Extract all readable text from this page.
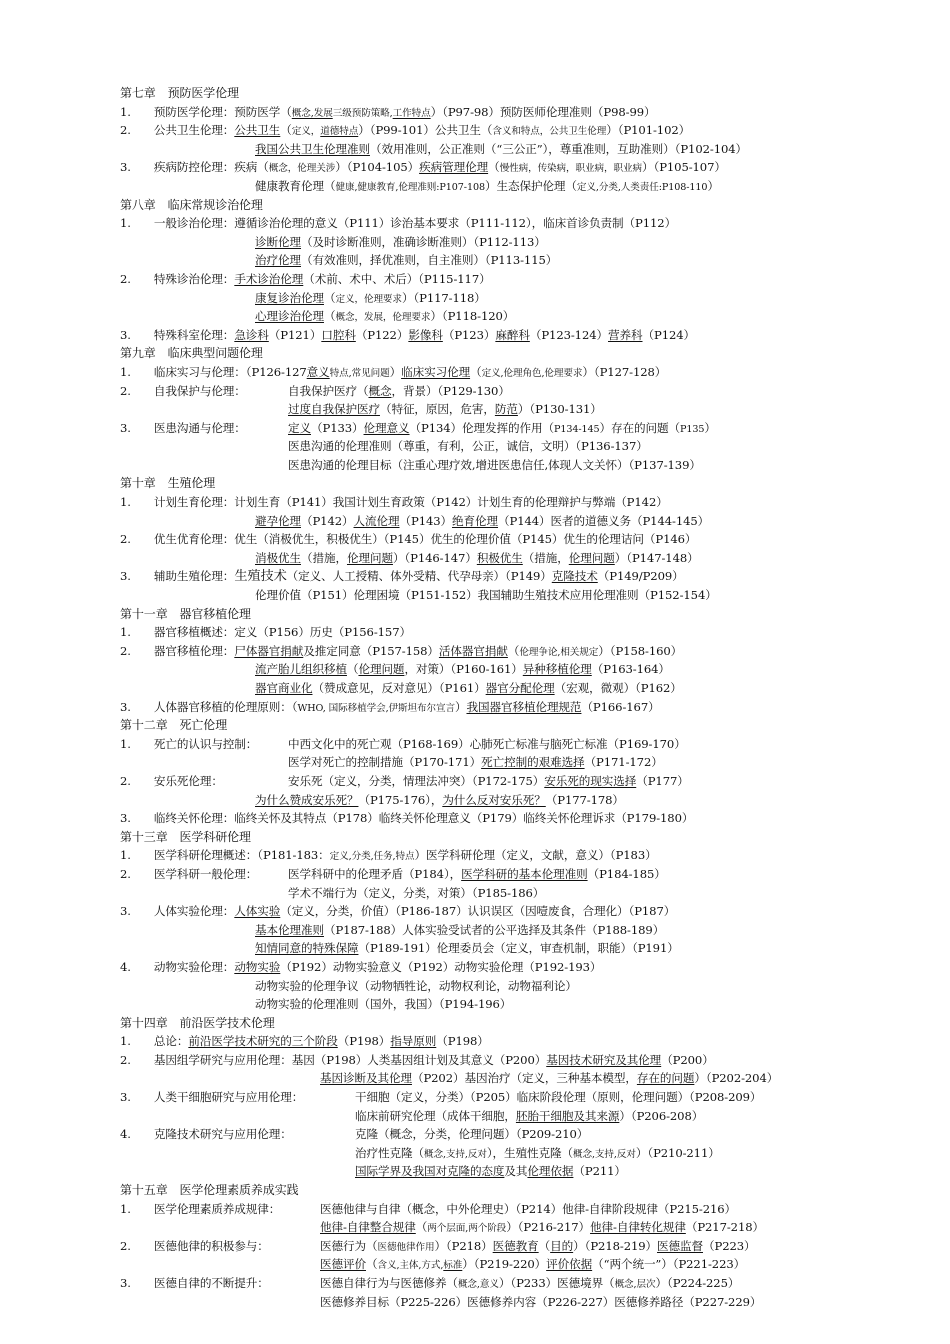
第七章　预防医学伦理
1.　　预防医学伦理：预防医学（概念,发展三级预防策略,工作特点）（P97-98）预防医师伦理准则（P98-99）
2.　　公共卫生伦理：公共卫生（定义，道德特点）（P99-101）公共卫生（含义和特点，公共卫生伦理）（P101-102）
我国公共卫生伦理准则（效用准则，公正准则（“三公正”），尊重准则，互助准则）（P102-104）
3.　　疾病防控伦理：疾病（概念，伦理关涉）（P104-105）疾病管理伦理（慢性病，传染病，职业病，职业病）（P105-107）
健康教育伦理（健康,健康教育,伦理准则:P107-108）生态保护伦理（定义,分类,人类责任:P108-110）
第八章　临床常规诊治伦理
1.　　一般诊治伦理：遵循诊治伦理的意义（P111）诊治基本要求（P111-112），临床首诊负责制（P112）
诊断伦理（及时诊断准则，准确诊断准则）（P112-113）
治疗伦理（有效准则，择优准则，自主准则）（P113-115）
2.　　特殊诊治伦理：手术诊治伦理（术前、术中、术后）（P115-117）
康复诊治伦理（定义，伦理要求）（P117-118）
心理诊治伦理（概念，发展，伦理要求）（P118-120）
3.　　特殊科室伦理：急诊科（P121）口腔科（P122）影像科（P123）麻醉科（P123-124）营养科（P124）
第九章　临床典型问题伦理
1.　　临床实习与伦理：（P126-127意义特点,常见问题）临床实习伦理（定义,伦理角色,伦理要求）（P127-128）
2.　　自我保护与伦理：	自我保护医疗（概念，背景）（P129-130）
过度自我保护医疗（特征，原因，危害，防范）（P130-131）
3.　　医患沟通与伦理：	定义（P133）伦理意义（P134）伦理发挥的作用（P134-145）存在的问题（P135）
医患沟通的伦理准则（尊重，有利，公正，诚信，文明）（P136-137）
医患沟通的伦理目标（注重心理疗效,增进医患信任,体现人文关怀）（P137-139）
第十章　生殖伦理
1.　　计划生育伦理：计划生育（P141）我国计划生育政策（P142）计划生育的伦理辩护与弊端（P142）
避孕伦理（P142）人流伦理（P143）绝育伦理（P144）医者的道德义务（P144-145）
2.　　优生优育伦理：优生（消极优生，积极优生）（P145）优生的伦理价值（P145）优生的伦理诘问（P146）
消极优生（措施，伦理问题）（P146-147）积极优生（措施，伦理问题）（P147-148）
3.　　辅助生殖伦理：生殖技术（定义、人工授精、体外受精、代孕母亲）（P149）克隆技术（P149/P209）
伦理价值（P151）伦理困境（P151-152）我国辅助生殖技术应用伦理准则（P152-154）
第十一章　器官移植伦理
1.　　器官移植概述：定义（P156）历史（P156-157）
2.　　器官移植伦理：尸体器官捐献及推定同意（P157-158）活体器官捐献（伦理争论,相关规定）（P158-160）
流产胎儿组织移植（伦理问题，对策）（P160-161）异种移植伦理（P163-164）
器官商业化（赞成意见，反对意见）（P161）器官分配伦理（宏观，微观）（P162）
3.　　人体器官移植的伦理原则：（WHO, 国际移植学会,伊斯坦布尔宣言）我国器官移植伦理规范（P166-167）
第十二章　死亡伦理
1.　　死亡的认识与控制：	中西文化中的死亡观（P168-169）心肺死亡标准与脑死亡标准（P169-170）
医学对死亡的控制措施（P170-171）死亡控制的艰难选择（P171-172）
2.　　安乐死伦理：	安乐死（定义，分类，情理法冲突）（P172-175）安乐死的现实选择（P177）
为什么赞成安乐死？（P175-176），为什么反对安乐死？（P177-178）
3.　　临终关怀伦理：临终关怀及其特点（P178）临终关怀伦理意义（P179）临终关怀伦理诉求（P179-180）
第十三章　医学科研伦理
1.　　医学科研伦理概述：（P181-183：定义,分类,任务,特点）医学科研伦理（定义，文献，意义）（P183）
2.　　医学科研一般伦理：	医学科研中的伦理矛盾（P184），医学科研的基本伦理准则（P184-185）
学术不端行为（定义，分类，对策）（P185-186）
3.　　人体实验伦理：人体实验（定义，分类，价值）（P186-187）认识误区（因噎废食，合理化）（P187）
基本伦理准则（P187-188）人体实验受试者的公平选择及其条件（P188-189）
知情同意的特殊保障（P189-191）伦理委员会（定义，审查机制，职能）（P191）
4.　　动物实验伦理：动物实验（P192）动物实验意义（P192）动物实验伦理（P192-193）
动物实验的伦理争议（动物牺牲论，动物权利论，动物福利论）
动物实验的伦理准则（国外，我国）（P194-196）
第十四章　前沿医学技术伦理
1.　　总论：前沿医学技术研究的三个阶段（P198）指导原则（P198）
2.　　基因组学研究与应用伦理：基因（P198）人类基因组计划及其意义（P200）基因技术研究及其伦理（P200）
基因诊断及其伦理（P202）基因治疗（定义，三种基本模型，存在的问题）（P202-204）
3.　　人类干细胞研究与应用伦理：	干细胞（定义，分类）（P205）临床阶段伦理（原则，伦理问题）（P208-209）
临床前研究伦理（成体干细胞，胚胎干细胞及其来源）（P206-208）
4.　　克隆技术研究与应用伦理：	克隆（概念，分类，伦理问题）（P209-210）
治疗性克隆（概念,支持,反对），生殖性克隆（概念,支持,反对）（P210-211）
国际学界及我国对克隆的态度及其伦理依据（P211）
第十五章　医学伦理素质养成实践
1.　　医学伦理素质养成规律：	医德他律与自律（概念，中外伦理史）（P214）他律-自律阶段规律（P215-216）
他律-自律整合规律（两个层面,两个阶段）（P216-217）他律-自律转化规律（P217-218）
2.　　医德他律的积极参与：	医德行为（医德他律作用）（P218）医德教育（目的）（P218-219）医德监督（P223）
医德评价（含义,主体,方式,标准）（P219-220）评价依据（“两个统一”）（P221-223）
3.　　医德自律的不断提升：	医德自律行为与医德修养（概念,意义）（P233）医德境界（概念,层次）（P224-225）
医德修养目标（P225-226）医德修养内容（P226-227）医德修养路径（P227-229）
